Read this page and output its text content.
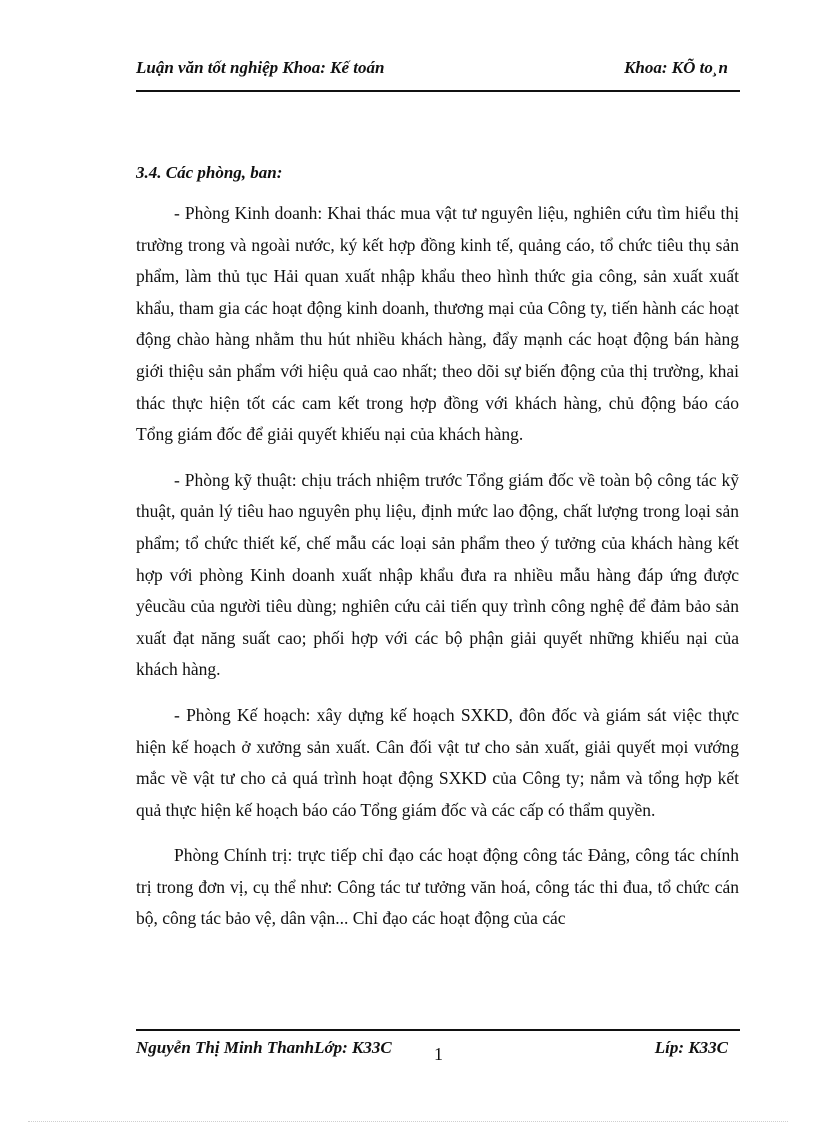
Luận văn tốt nghiệp Khoa: Kế toán	Khoa: KÕ to¸n
3.4. Các phòng, ban:

- Phòng Kinh doanh: Khai thác mua vật tư nguyên liệu, nghiên cứu tìm hiểu thị trường trong và ngoài nước, ký kết hợp đồng kinh tế, quảng cáo, tổ chức tiêu thụ sản phẩm, làm thủ tục Hải quan xuất nhập khẩu theo hình thức gia công, sản xuất xuất khẩu, tham gia các hoạt động kinh doanh, thương mại của Công ty, tiến hành các hoạt động chào hàng nhằm thu hút nhiều khách hàng, đẩy mạnh các hoạt động bán hàng giới thiệu sản phẩm với hiệu quả cao nhất; theo dõi sự biến động của thị trường, khai thác thực hiện tốt các cam kết trong hợp đồng với khách hàng, chủ động báo cáo Tổng giám đốc để giải quyết khiếu nại của khách hàng.

- Phòng kỹ thuật: chịu trách nhiệm trước Tổng giám đốc về toàn bộ công tác kỹ thuật, quản lý tiêu hao nguyên phụ liệu, định mức lao động, chất lượng trong loại sản phẩm; tổ chức thiết kế, chế mẫu các loại sản phẩm theo ý tưởng của khách hàng kết hợp với phòng Kinh doanh xuất nhập khẩu đưa ra nhiều mẫu hàng đáp ứng được yêucầu của người tiêu dùng; nghiên cứu cải tiến quy trình công nghệ để đảm bảo sản xuất đạt năng suất cao; phối hợp với các bộ phận giải quyết những khiếu nại của khách hàng.

- Phòng Kế hoạch: xây dựng kế hoạch SXKD, đôn đốc và giám sát việc thực hiện kế hoạch ở xưởng sản xuất. Cân đối vật tư cho sản xuất, giải quyết mọi vướng mắc về vật tư cho cả quá trình hoạt động SXKD của Công ty; nắm và tổng hợp kết quả thực hiện kế hoạch báo cáo Tổng giám đốc và các cấp có thẩm quyền.

Phòng Chính trị: trực tiếp chỉ đạo các hoạt động công tác Đảng, công tác chính trị trong đơn vị, cụ thể như: Công tác tư tưởng văn hoá, công tác thi đua, tổ chức cán bộ, công tác bảo vệ, dân vận... Chỉ đạo các hoạt động của các

Nguyễn Thị Minh ThanhLớp: K33C 1	Líp: K33C
